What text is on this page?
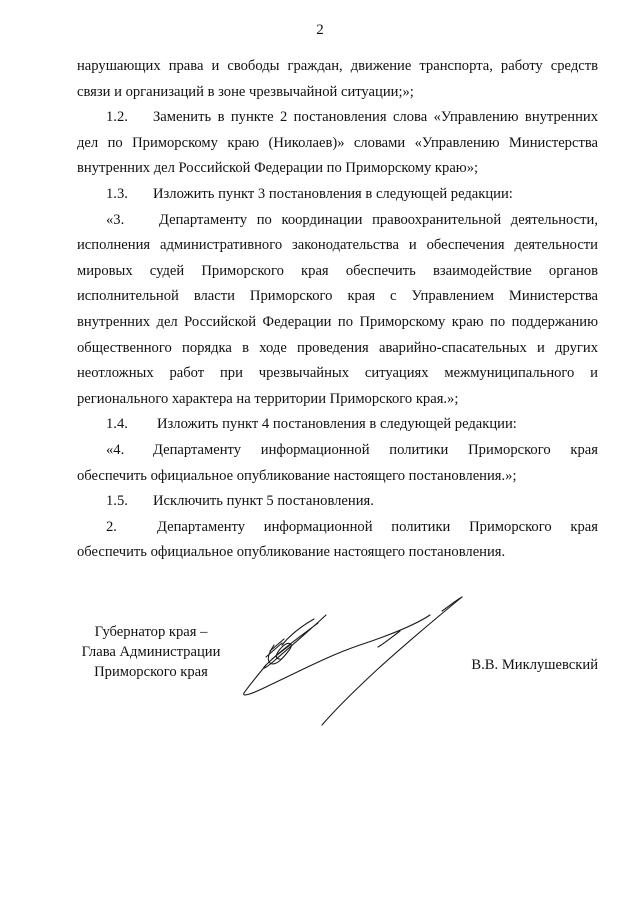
2

нарушающих права и свободы граждан, движение транспорта, работу средств связи и организаций в зоне чрезвычайной ситуации;»;

1.2. Заменить в пункте 2 постановления слова «Управлению внутренних дел по Приморскому краю (Николаев)» словами «Управлению Министерства внутренних дел Российской Федерации по Приморскому краю»;

1.3. Изложить пункт 3 постановления в следующей редакции:

«3. Департаменту по координации правоохранительной деятельности, исполнения административного законодательства и обеспечения деятельности мировых судей Приморского края обеспечить взаимодействие органов исполнительной власти Приморского края с Управлением Министерства внутренних дел Российской Федерации по Приморскому краю по поддержанию общественного порядка в ходе проведения аварийно-спасательных и других неотложных работ при чрезвычайных ситуациях межмуниципального и регионального характера на территории Приморского края.»;

1.4. Изложить пункт 4 постановления в следующей редакции:

«4. Департаменту информационной политики Приморского края обеспечить официальное опубликование настоящего постановления.»;

1.5. Исключить пункт 5 постановления.

2.	Департаменту информационной политики Приморского края обеспечить официальное опубликование настоящего постановления.

Губернатор края –
Глава Администрации
Приморского края	В.В. Миклушевский
